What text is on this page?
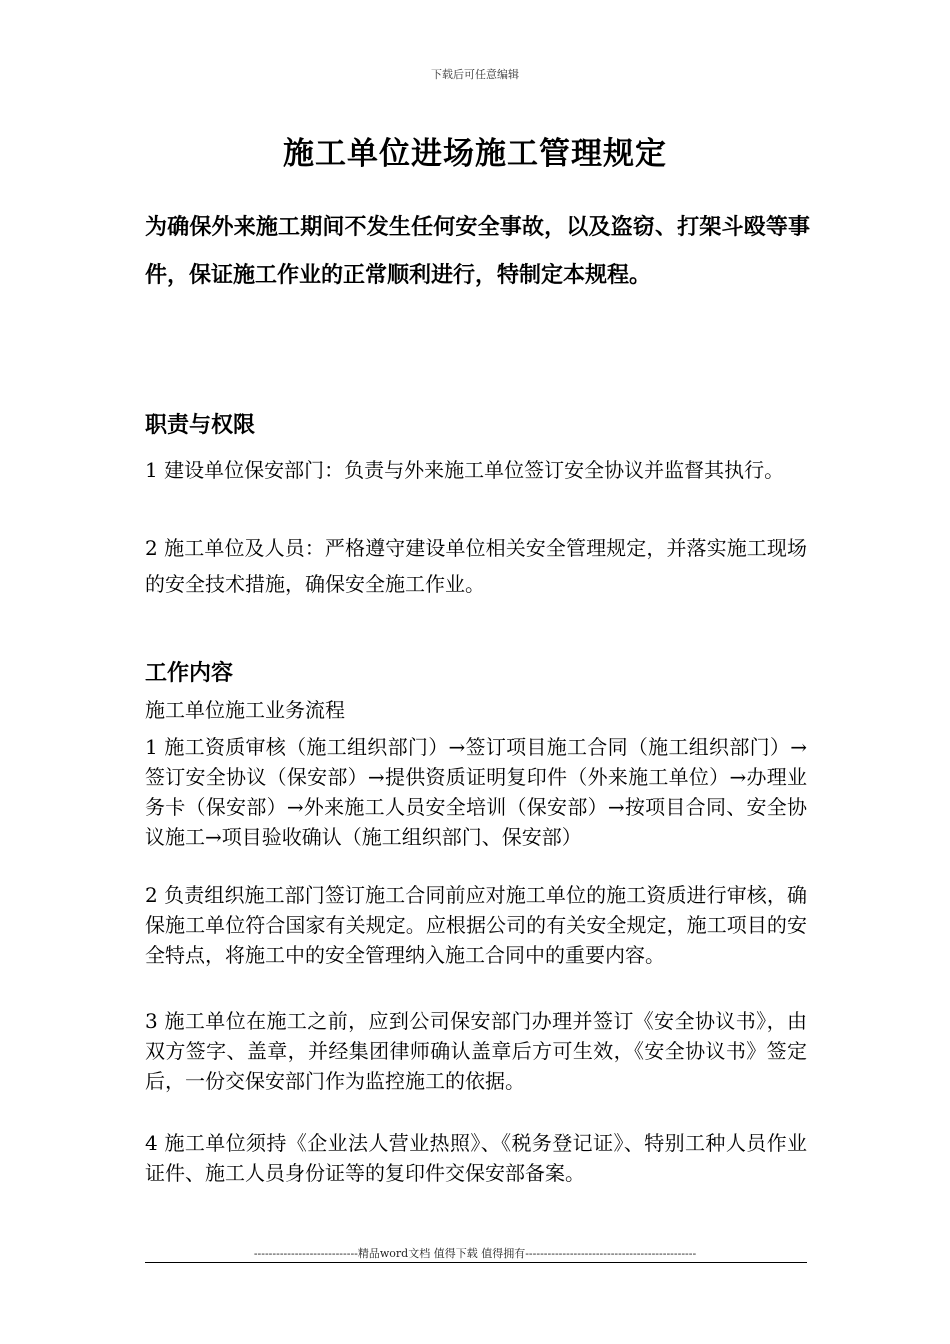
下载后可任意编辑
施工单位进场施工管理规定
为确保外来施工期间不发生任何安全事故，以及盗窃、打架斗殴等事件，保证施工作业的正常顺利进行，特制定本规程。
职责与权限
1 建设单位保安部门：负责与外来施工单位签订安全协议并监督其执行。
2 施工单位及人员：严格遵守建设单位相关安全管理规定，并落实施工现场的安全技术措施，确保安全施工作业。
工作内容
施工单位施工业务流程
1 施工资质审核（施工组织部门）→签订项目施工合同（施工组织部门）→签订安全协议（保安部）→提供资质证明复印件（外来施工单位）→办理业务卡（保安部）→外来施工人员安全培训（保安部）→按项目合同、安全协议施工→项目验收确认（施工组织部门、保安部）
2 负责组织施工部门签订施工合同前应对施工单位的施工资质进行审核，确保施工单位符合国家有关规定。应根据公司的有关安全规定，施工项目的安全特点，将施工中的安全管理纳入施工合同中的重要内容。
3 施工单位在施工之前，应到公司保安部门办理并签订《安全协议书》，由双方签字、盖章，并经集团律师确认盖章后方可生效，《安全协议书》签定后，一份交保安部门作为监控施工的依据。
4 施工单位须持《企业法人营业热照》、《税务登记证》、特别工种人员作业证件、施工人员身份证等的复印件交保安部备案。
----------------------------精品word文档 值得下载 值得拥有----------------------------------------------
